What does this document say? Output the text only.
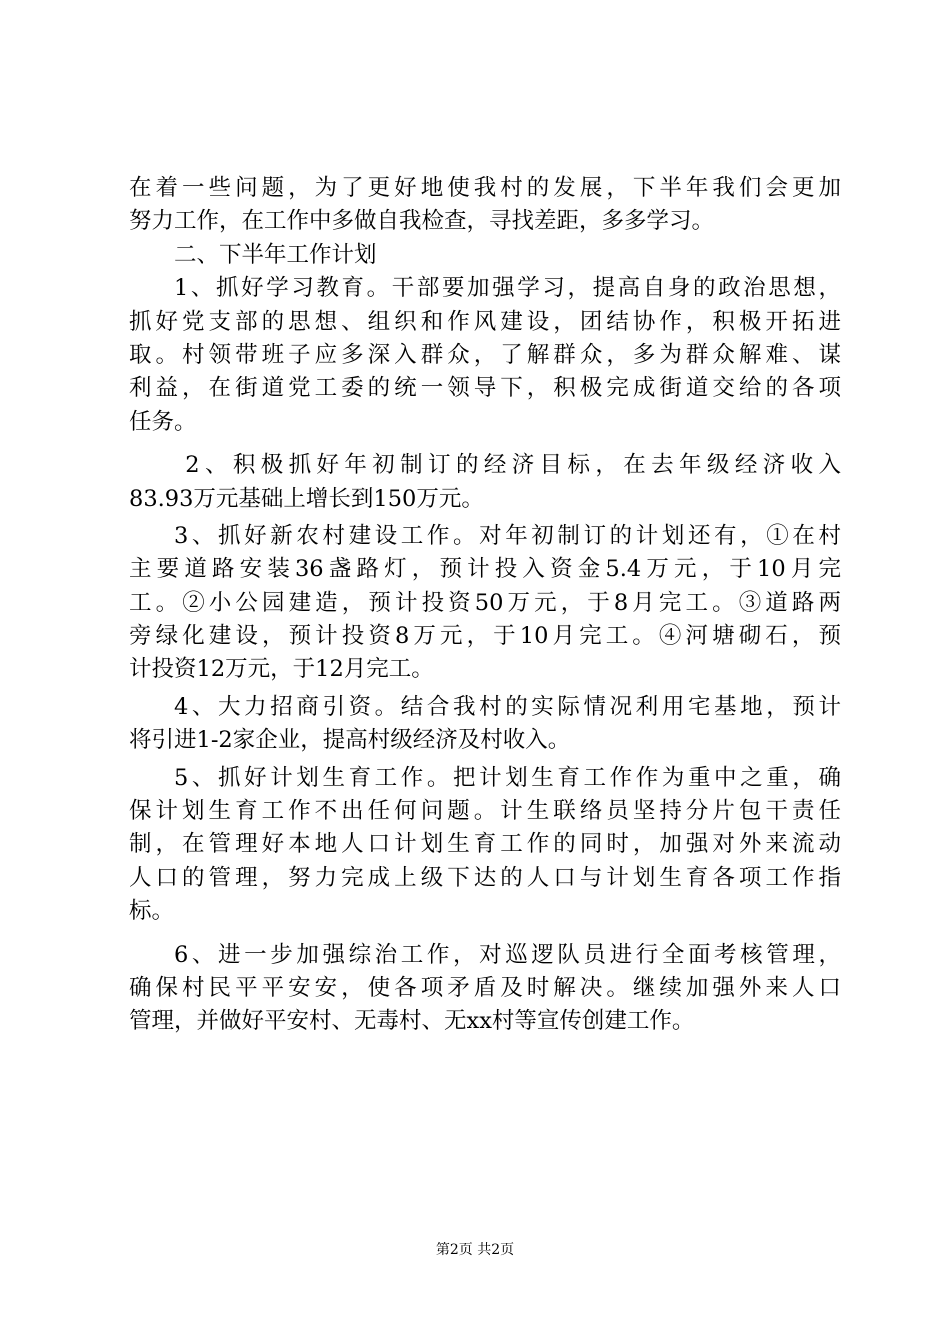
在着一些问题，为了更好地使我村的发展，下半年我们会更加
努力工作，在工作中多做自我检查，寻找差距，多多学习。
二、下半年工作计划
1、抓好学习教育。干部要加强学习，提高自身的政治思想，
抓好党支部的思想、组织和作风建设，团结协作，积极开拓进
取。村领带班子应多深入群众，了解群众，多为群众解难、谋
利益，在街道党工委的统一领导下，积极完成街道交给的各项
任务。
2、积极抓好年初制订的经济目标，在去年级经济收入
83.93万元基础上增长到150万元。
3、抓好新农村建设工作。对年初制订的计划还有，①在村
主要道路安装36盏路灯，预计投入资金5.4万元，于10月完
工。②小公园建造，预计投资50万元，于8月完工。③道路两
旁绿化建设，预计投资8万元，于10月完工。④河塘砌石，预
计投资12万元，于12月完工。
4、大力招商引资。结合我村的实际情况利用宅基地，预计
将引进1-2家企业，提高村级经济及村收入。
5、抓好计划生育工作。把计划生育工作作为重中之重，确
保计划生育工作不出任何问题。计生联络员坚持分片包干责任
制，在管理好本地人口计划生育工作的同时，加强对外来流动
人口的管理，努力完成上级下达的人口与计划生育各项工作指
标。
6、进一步加强综治工作，对巡逻队员进行全面考核管理，
确保村民平平安安，使各项矛盾及时解决。继续加强外来人口
管理，并做好平安村、无毒村、无xx村等宣传创建工作。
第2页 共2页
